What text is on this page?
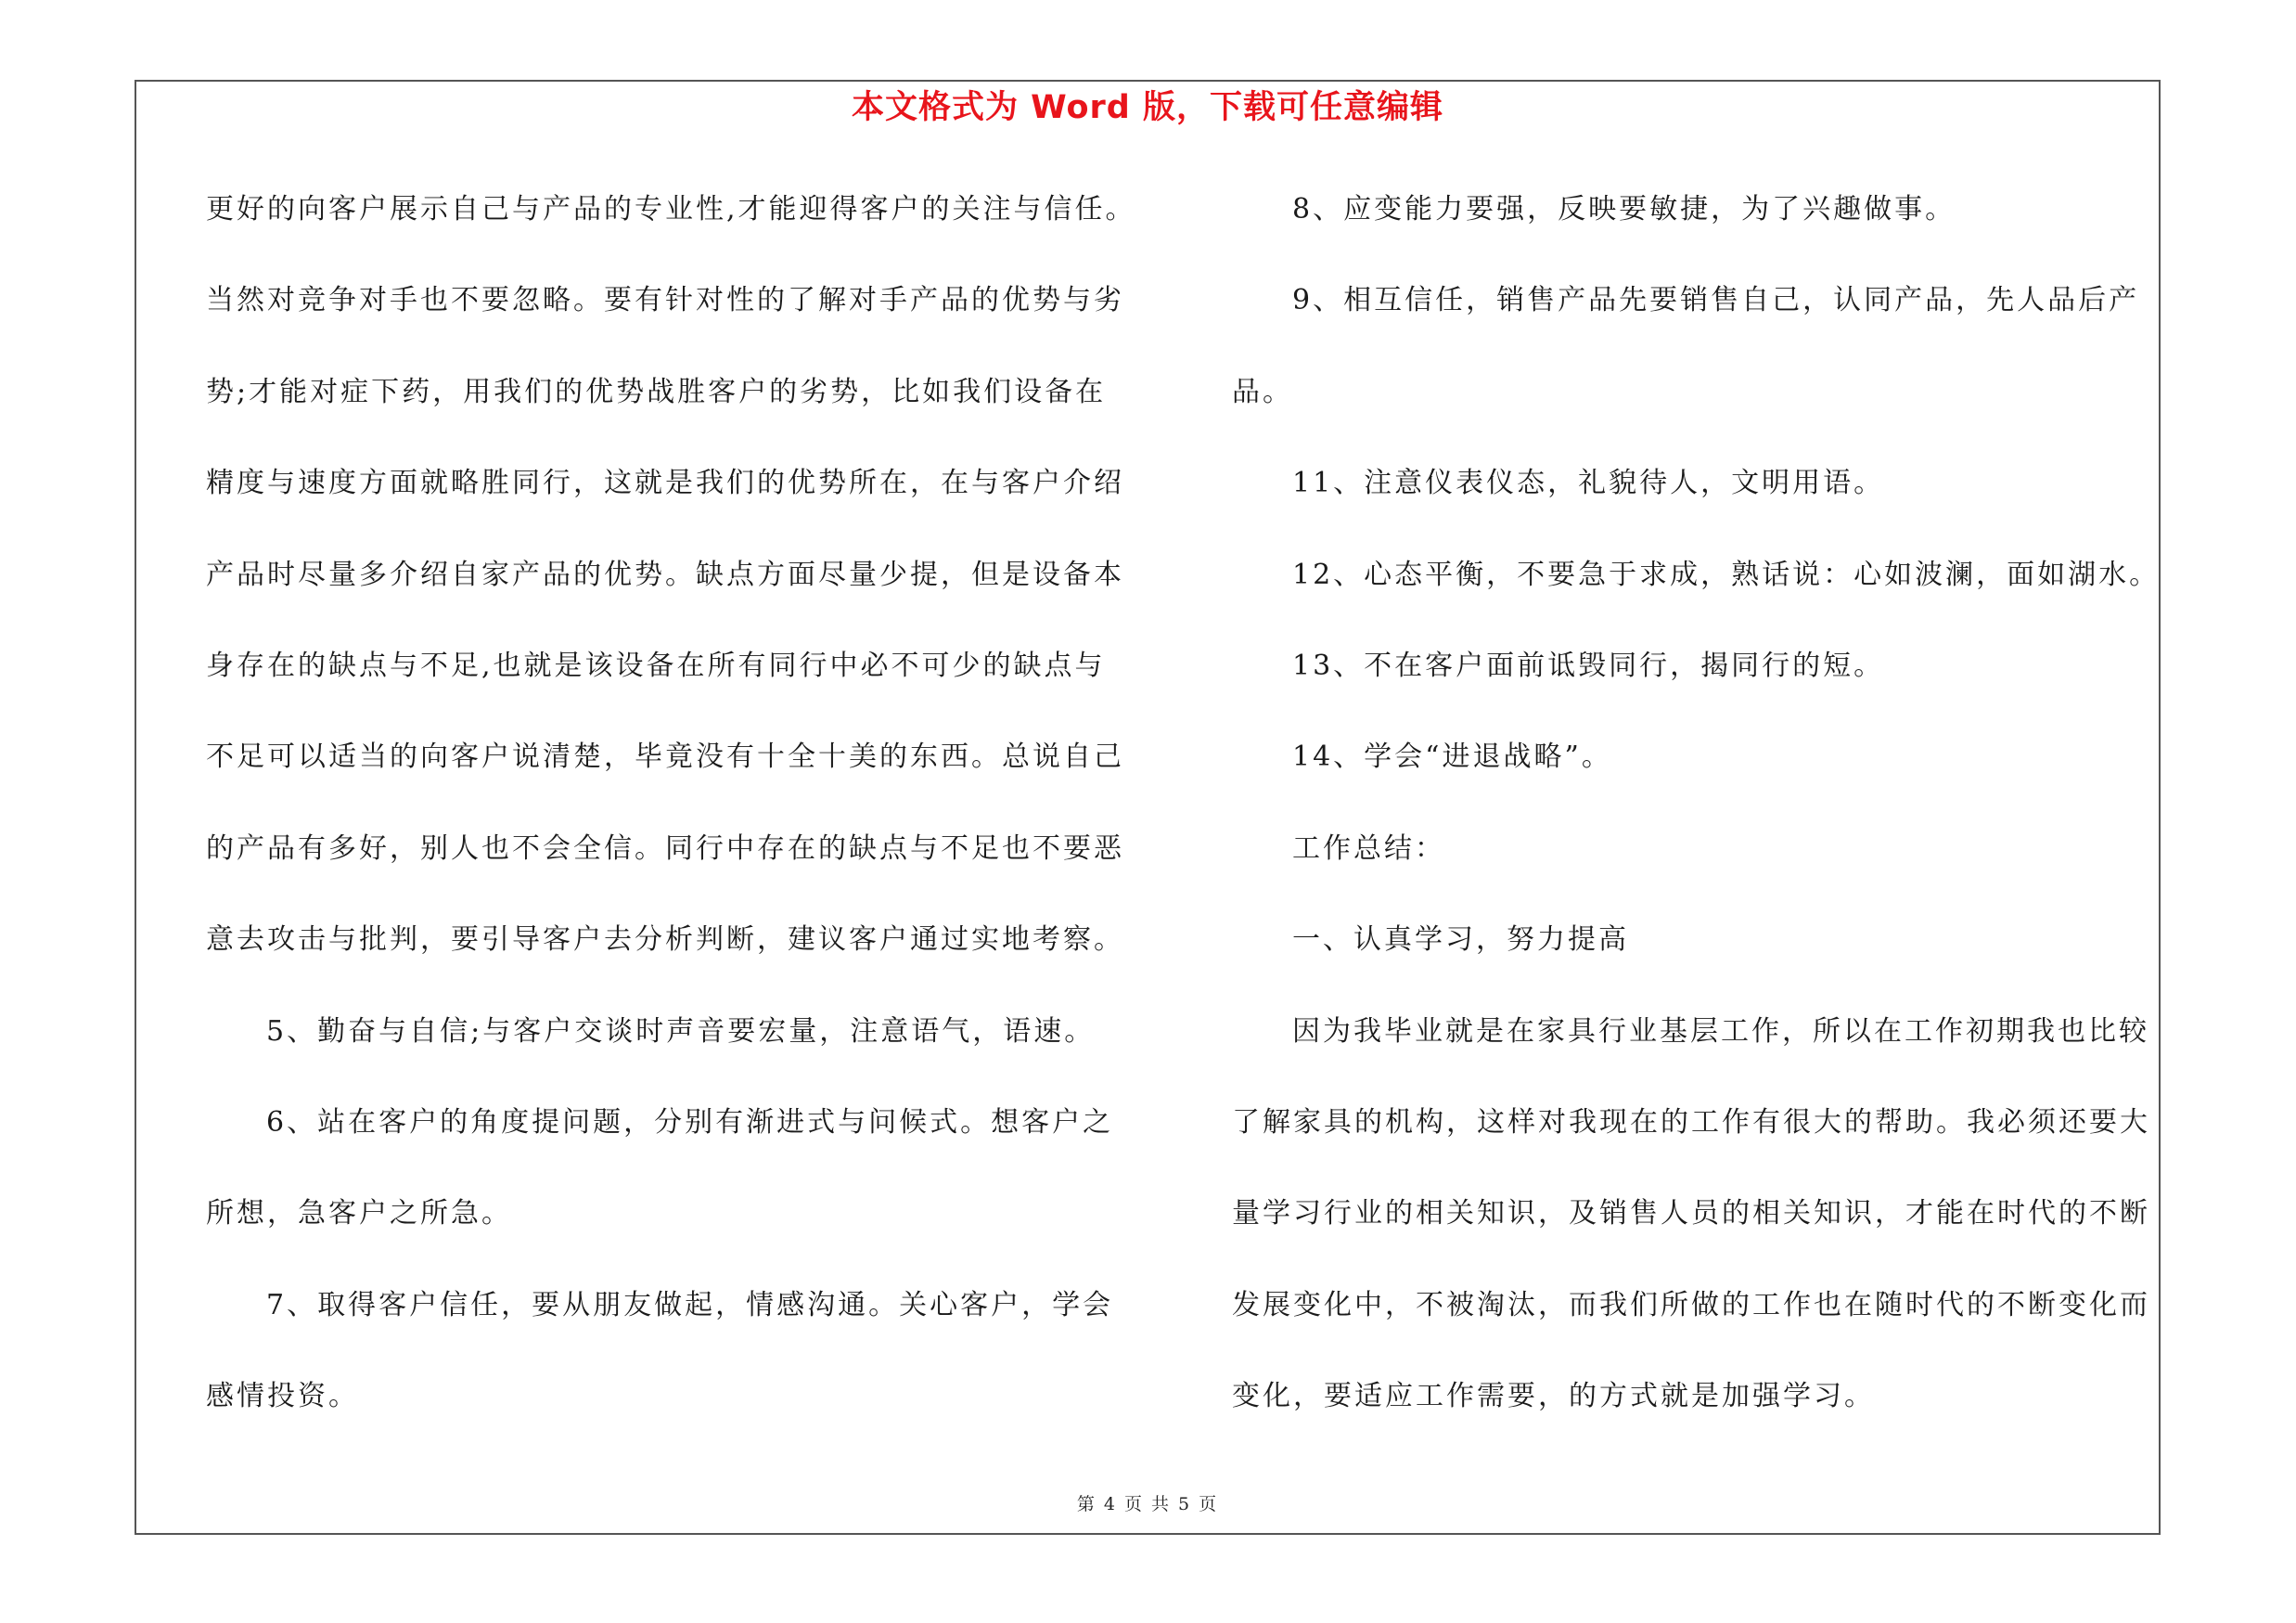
本文格式为 Word 版，下载可任意编辑
更好的向客户展示自己与产品的专业性,才能迎得客户的关注与信任。
当然对竞争对手也不要忽略。要有针对性的了解对手产品的优势与劣
势;才能对症下药，用我们的优势战胜客户的劣势，比如我们设备在
精度与速度方面就略胜同行，这就是我们的优势所在，在与客户介绍
产品时尽量多介绍自家产品的优势。缺点方面尽量少提，但是设备本
身存在的缺点与不足,也就是该设备在所有同行中必不可少的缺点与
不足可以适当的向客户说清楚，毕竟没有十全十美的东西。总说自己
的产品有多好，别人也不会全信。同行中存在的缺点与不足也不要恶
意去攻击与批判，要引导客户去分析判断，建议客户通过实地考察。
5、勤奋与自信;与客户交谈时声音要宏量，注意语气，语速。
6、站在客户的角度提问题，分别有渐进式与问候式。想客户之
所想，急客户之所急。
7、取得客户信任，要从朋友做起，情感沟通。关心客户，学会
感情投资。
8、应变能力要强，反映要敏捷，为了兴趣做事。
9、相互信任，销售产品先要销售自己，认同产品，先人品后产
品。
11、注意仪表仪态，礼貌待人，文明用语。
12、心态平衡，不要急于求成，熟话说：心如波澜，面如湖水。
13、不在客户面前诋毁同行，揭同行的短。
14、学会“进退战略”。
工作总结：
一、认真学习，努力提高
因为我毕业就是在家具行业基层工作，所以在工作初期我也比较
了解家具的机构，这样对我现在的工作有很大的帮助。我必须还要大
量学习行业的相关知识，及销售人员的相关知识，才能在时代的不断
发展变化中，不被淘汰，而我们所做的工作也在随时代的不断变化而
变化，要适应工作需要，的方式就是加强学习。
第 4 页 共 5 页
